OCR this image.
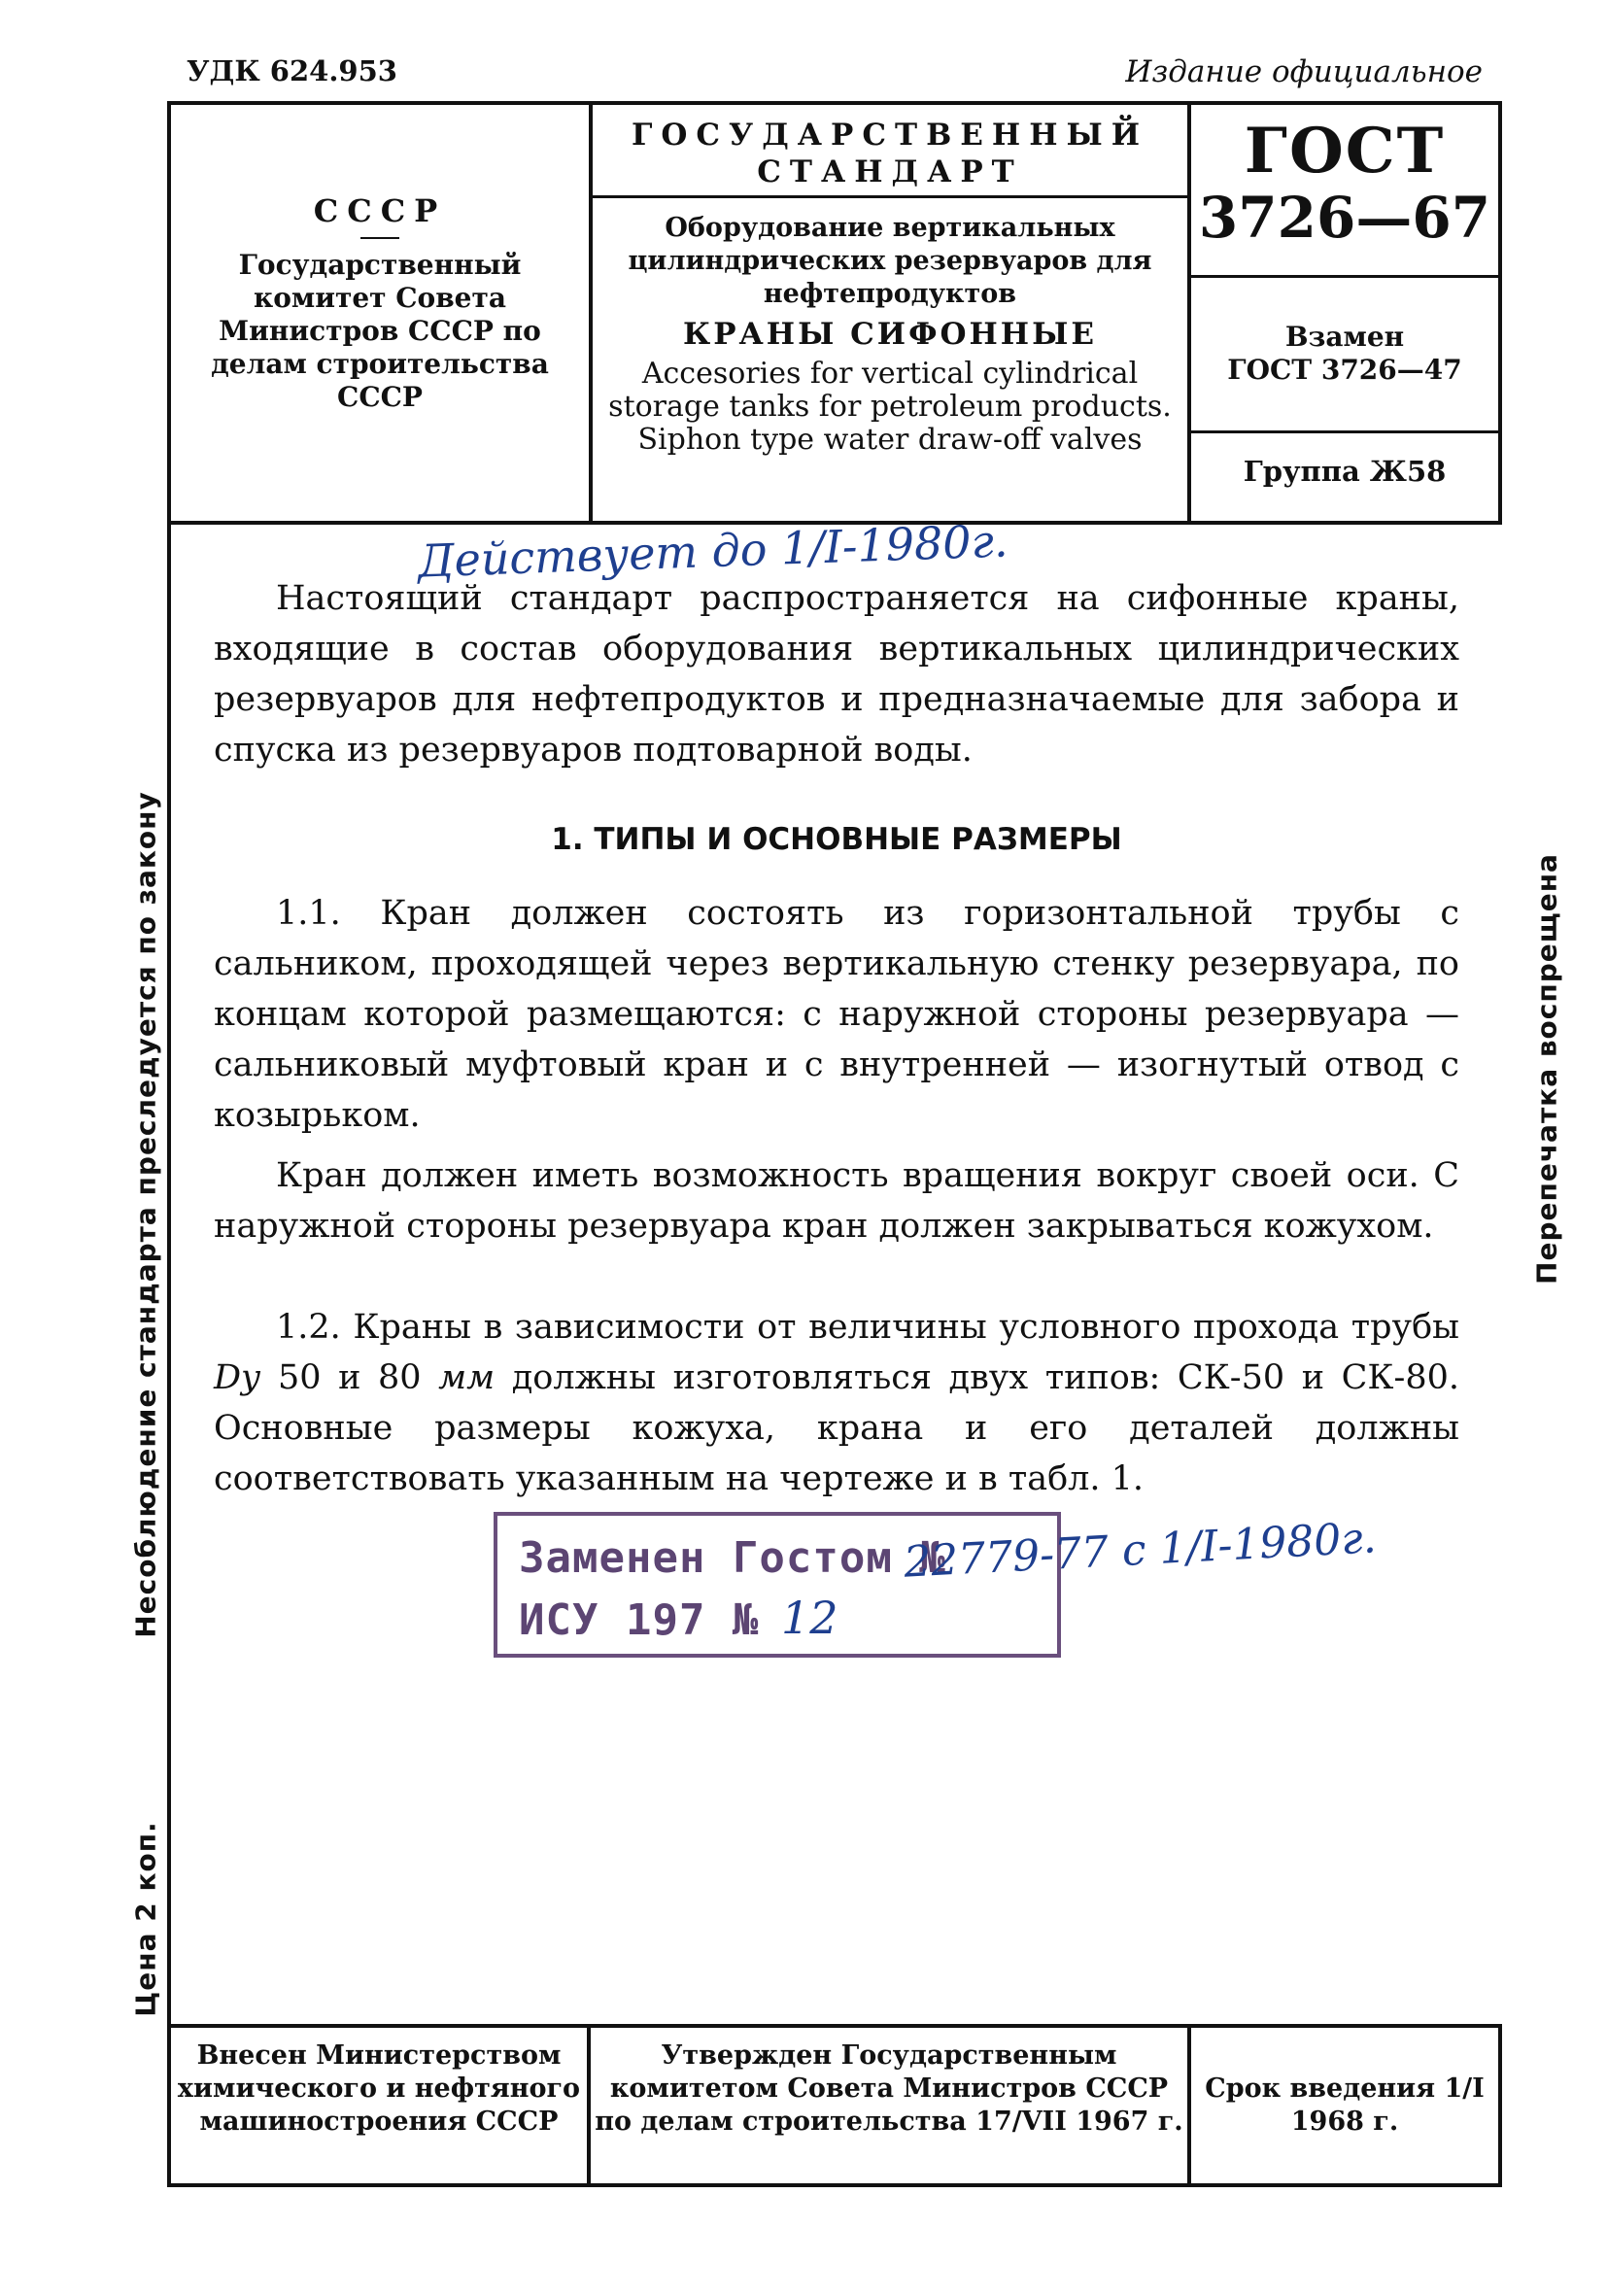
УДК 624.953	Издание официальное
СССР
Государственный комитет Совета Министров СССР по делам строительства СССР
ГОСУДАРСТВЕННЫЙ СТАНДАРТ
Оборудование вертикальных цилиндрических резервуаров для нефтепродуктов
КРАНЫ СИФОННЫЕ
Accesories for vertical cylindrical storage tanks for petroleum products. Siphon type water draw-off valves
ГОСТ
3726—67
Взамен
ГОСТ 3726—47
Группа Ж58
Действует до 1/I-1980г.

Настоящий стандарт распространяется на сифонные краны, входящие в состав оборудования вертикальных цилиндрических резервуаров для нефтепродуктов и предназначаемые для забора и спуска из резервуаров подтоварной воды.

1. ТИПЫ И ОСНОВНЫЕ РАЗМЕРЫ

1.1. Кран должен состоять из горизонтальной трубы с сальником, проходящей через вертикальную стенку резервуара, по концам которой размещаются: с наружной стороны резервуара — сальниковый муфтовый кран и с внутренней — изогнутый отвод с козырьком.

Кран должен иметь возможность вращения вокруг своей оси. С наружной стороны резервуара кран должен закрываться кожухом.

1.2. Краны в зависимости от величины условного прохода трубы Dу 50 и 80 мм должны изготовляться двух типов: СК-50 и СК-80. Основные размеры кожуха, крана и его деталей должны соответствовать указанным на чертеже и в табл. 1.

Заменен Гостом №
ИСУ 197 № 12
22779-77 с 1/I-1980г.
Несоблюдение стандарта преследуется по закону
Цена 2 коп.
Перепечатка воспрещена
Внесен Министерством химического и нефтяного машиностроения СССР
Утвержден Государственным комитетом Совета Министров СССР по делам строительства 17/VII 1967 г.
Срок введения 1/I 1968 г.
